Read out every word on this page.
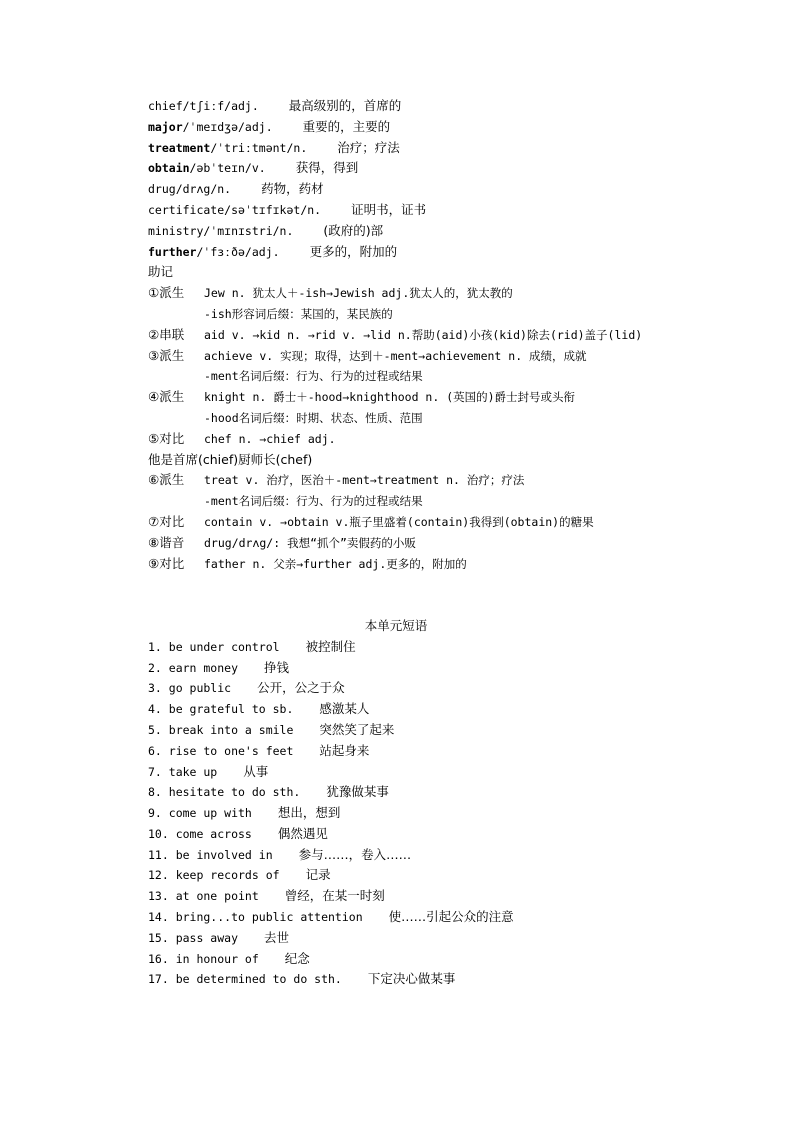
chief/tʃiːf/adj. 最高级别的，首席的
major/ˈmeɪdʒə/adj. 重要的，主要的
treatment/ˈtriːtmənt/n. 治疗；疗法
obtain/əbˈteɪn/v. 获得，得到
drug/drʌg/n. 药物，药材
certificate/səˈtɪfɪkət/n. 证明书，证书
ministry/ˈmɪnɪstri/n. (政府的)部
further/ˈfɜːðə/adj. 更多的，附加的
助记
①派生 Jew n. 犹太人＋-ish→Jewish adj.犹太人的，犹太教的
-ish形容词后缀：某国的，某民族的
②串联 aid v. →kid n. →rid v. →lid n.帮助(aid)小孩(kid)除去(rid)盖子(lid)
③派生 achieve v. 实现；取得，达到＋-ment→achievement n. 成绩，成就
-ment名词后缀：行为、行为的过程或结果
④派生 knight n. 爵士＋-hood→knighthood n. (英国的)爵士封号或头衔
-hood名词后缀：时期、状态、性质、范围
⑤对比 chef n. →chief adj.
他是首席(chief)厨师长(chef)
⑥派生 treat v. 治疗，医治＋-ment→treatment n. 治疗；疗法
-ment名词后缀：行为、行为的过程或结果
⑦对比 contain v. →obtain v.瓶子里盛着(contain)我得到(obtain)的糖果
⑧谐音 drug/drʌg/: 我想“抓个”卖假药的小贩
⑨对比 father n. 父亲→further adj.更多的，附加的
本单元短语
1. be under control 被控制住
2. earn money 挣钱
3. go public 公开，公之于众
4. be grateful to sb. 感激某人
5. break into a smile 突然笑了起来
6. rise to one's feet 站起身来
7. take up 从事
8. hesitate to do sth. 犹豫做某事
9. come up with 想出，想到
10. come across 偶然遇见
11. be involved in 参与……，卷入……
12. keep records of 记录
13. at one point 曾经，在某一时刻
14. bring...to public attention 使……引起公众的注意
15. pass away 去世
16. in honour of 纪念
17. be determined to do sth. 下定决心做某事
